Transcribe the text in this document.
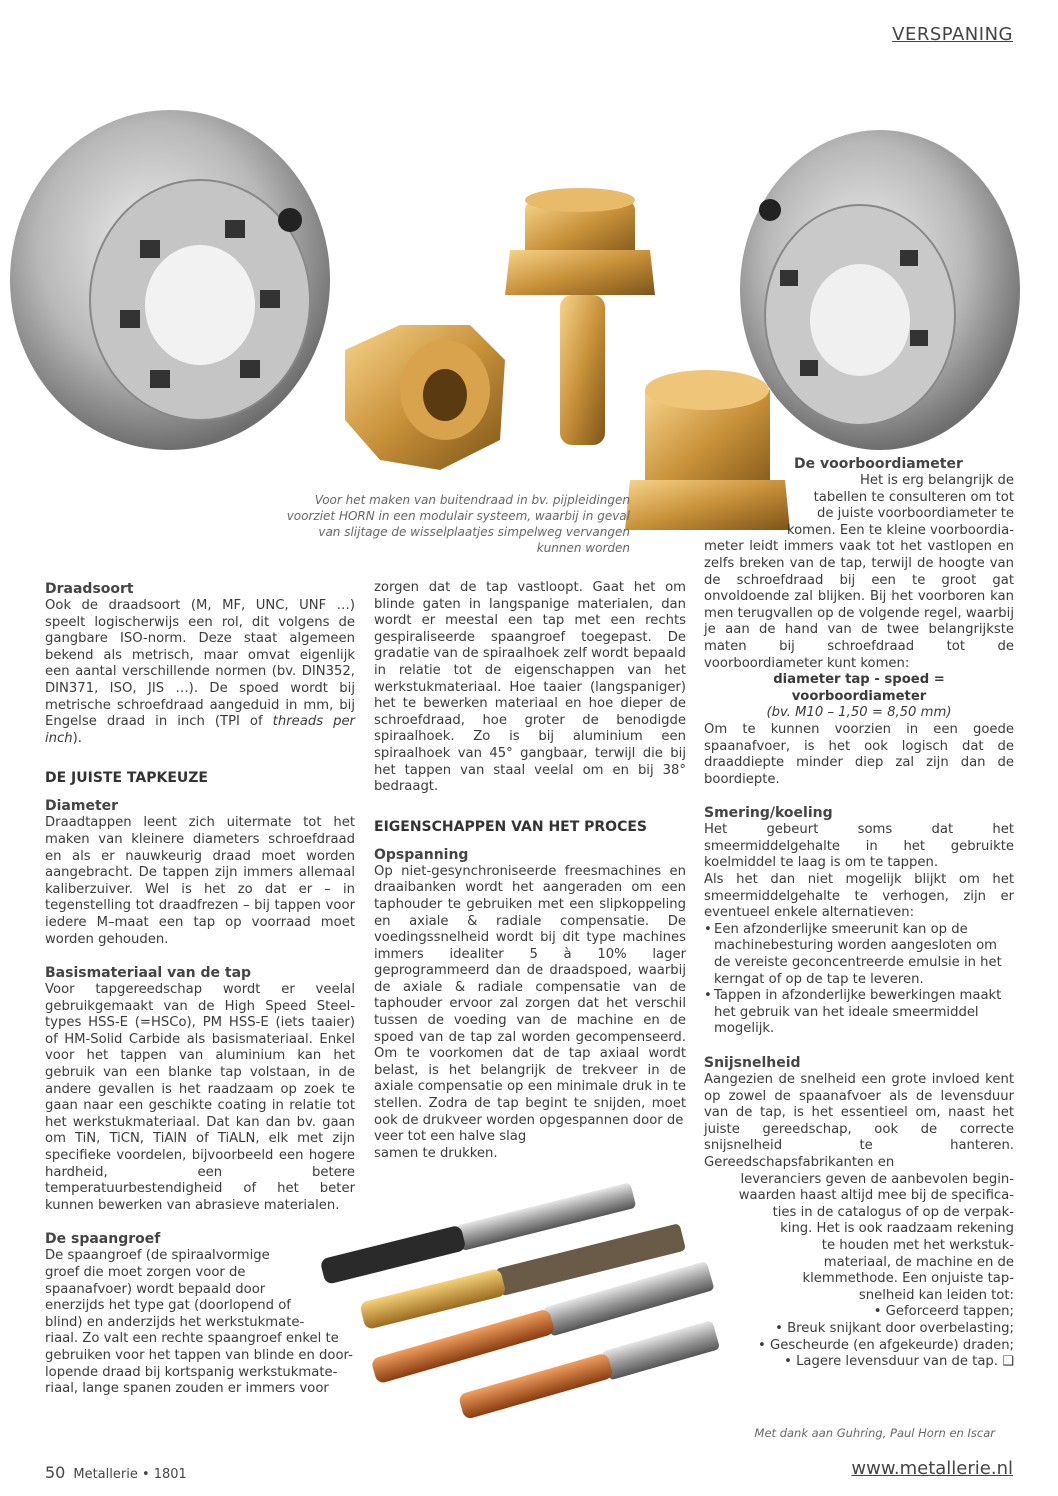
VERSPANING
Voor het maken van buitendraad in bv. pijpleidingen voorziet HORN in een modulair systeem, waarbij in geval van slijtage de wisselplaatjes simpelweg vervangen kunnen worden
Draadsoort

Ook de draadsoort (M, MF, UNC, UNF …) speelt logischerwijs een rol, dit volgens de gangbare ISO-norm. Deze staat algemeen bekend als metrisch, maar omvat eigenlijk een aantal verschillende normen (bv. DIN352, DIN371, ISO, JIS …). De spoed wordt bij metrische schroefdraad aangeduid in mm, bij Engelse draad in inch (TPI of threads per inch).

DE JUISTE TAPKEUZE
Diameter

Draadtappen leent zich uitermate tot het maken van kleinere diameters schroefdraad en als er nauwkeurig draad moet worden aangebracht. De tappen zijn immers allemaal kaliberzuiver. Wel is het zo dat er – in tegenstelling tot draadfrezen – bij tappen voor iedere M–maat een tap op voorraad moet worden gehouden.

Basismateriaal van de tap

Voor tapgereedschap wordt er veelal gebruikgemaakt van de High Speed Steel-types HSS-E (=HSCo), PM HSS-E (iets taaier) of HM-Solid Carbide als basismateriaal. Enkel voor het tappen van aluminium kan het gebruik van een blanke tap volstaan, in de andere gevallen is het raadzaam op zoek te gaan naar een geschikte coating in relatie tot het werkstukmateriaal. Dat kan dan bv. gaan om TiN, TiCN, TiAlN of TiALN, elk met zijn specifieke voordelen, bijvoorbeeld een hogere hardheid, een betere temperatuurbestendigheid of het beter kunnen bewerken van abrasieve materialen.

De spaangroef
De spaangroef (de spiraalvormige
groef die moet zorgen voor de
spaanafvoer) wordt bepaald door
enerzijds het type gat (doorlopend of
blind) en anderzijds het werkstukmate-
riaal. Zo valt een rechte spaangroef enkel te
gebruiken voor het tappen van blinde en door-
lopende draad bij kortspanig werkstukmate-
riaal, lange spanen zouden er immers voor

zorgen dat de tap vastloopt. Gaat het om blinde gaten in langspanige materialen, dan wordt er meestal een tap met een rechts gespiraliseerde spaangroef toegepast. De gradatie van de spiraalhoek zelf wordt bepaald in relatie tot de eigenschappen van het werkstukmateriaal. Hoe taaier (langspaniger) het te bewerken materiaal en hoe dieper de schroefdraad, hoe groter de benodigde spiraalhoek. Zo is bij aluminium een spiraalhoek van 45° gangbaar, terwijl die bij het tappen van staal veelal om en bij 38° bedraagt.

EIGENSCHAPPEN VAN HET PROCES
Opspanning

Op niet-gesynchroniseerde freesmachines en draaibanken wordt het aangeraden om een taphouder te gebruiken met een slipkoppeling en axiale & radiale compensatie. De voedingssnelheid wordt bij dit type machines immers idealiter 5 à 10% lager geprogrammeerd dan de draadspoed, waarbij de axiale & radiale compensatie van de taphouder ervoor zal zorgen dat het verschil tussen de voeding van de machine en de spoed van de tap zal worden gecompenseerd. Om te voorkomen dat de tap axiaal wordt belast, is het belangrijk de trekveer in de axiale compensatie op een minimale druk in te stellen. Zodra de tap begint te snijden, moet ook de drukveer worden opgespannen door de

veer tot een halve slag
samen te drukken.
De voorboordiameter
Het is erg belangrijk de
tabellen te consulteren om tot
de juiste voorboordiameter te
komen. Een te kleine voorboordia-

meter leidt immers vaak tot het vastlopen en zelfs breken van de tap, terwijl de hoogte van de schroefdraad bij een te groot gat onvoldoende zal blijken. Bij het voorboren kan men terugvallen op de volgende regel, waarbij je aan de hand van de twee belangrijkste maten bij schroefdraad tot de voorboordiameter kunt komen:

diameter tap - spoed = voorboordiameter

(bv. M10 – 1,50 = 8,50 mm)

Om te kunnen voorzien in een goede spaanafvoer, is het ook logisch dat de draaddiepte minder diep zal zijn dan de boordiepte.

Smering/koeling

Het gebeurt soms dat het smeermiddelgehalte in het gebruikte koelmiddel te laag is om te tappen.

Als het dan niet mogelijk blijkt om het smeermiddelgehalte te verhogen, zijn er eventueel enkele alternatieven:

• Een afzonderlijke smeerunit kan op de machinebesturing worden aangesloten om de vereiste geconcentreerde emulsie in het kerngat of op de tap te leveren.
• Tappen in afzonderlijke bewerkingen maakt het gebruik van het ideale smeermiddel mogelijk.
Snijsnelheid

Aangezien de snelheid een grote invloed kent op zowel de spaanafvoer als de levensduur van de tap, is het essentieel om, naast het juiste gereedschap, ook de correcte snijsnelheid te hanteren. Gereedschapsfabrikanten en

leveranciers geven de aanbevolen begin-
waarden haast altijd mee bij de specifica-
ties in de catalogus of op de verpak-
king. Het is ook raadzaam rekening
te houden met het werkstuk-
materiaal, de machine en de
klemmethode. Een onjuiste tap-
snelheid kan leiden tot:
• Geforceerd tappen;
• Breuk snijkant door overbelasting;
• Gescheurde (en afgekeurde) draden;
• Lagere levensduur van de tap. ❑
Met dank aan Guhring, Paul Horn en Iscar
50 Metallerie • 1801	www.metallerie.nl
